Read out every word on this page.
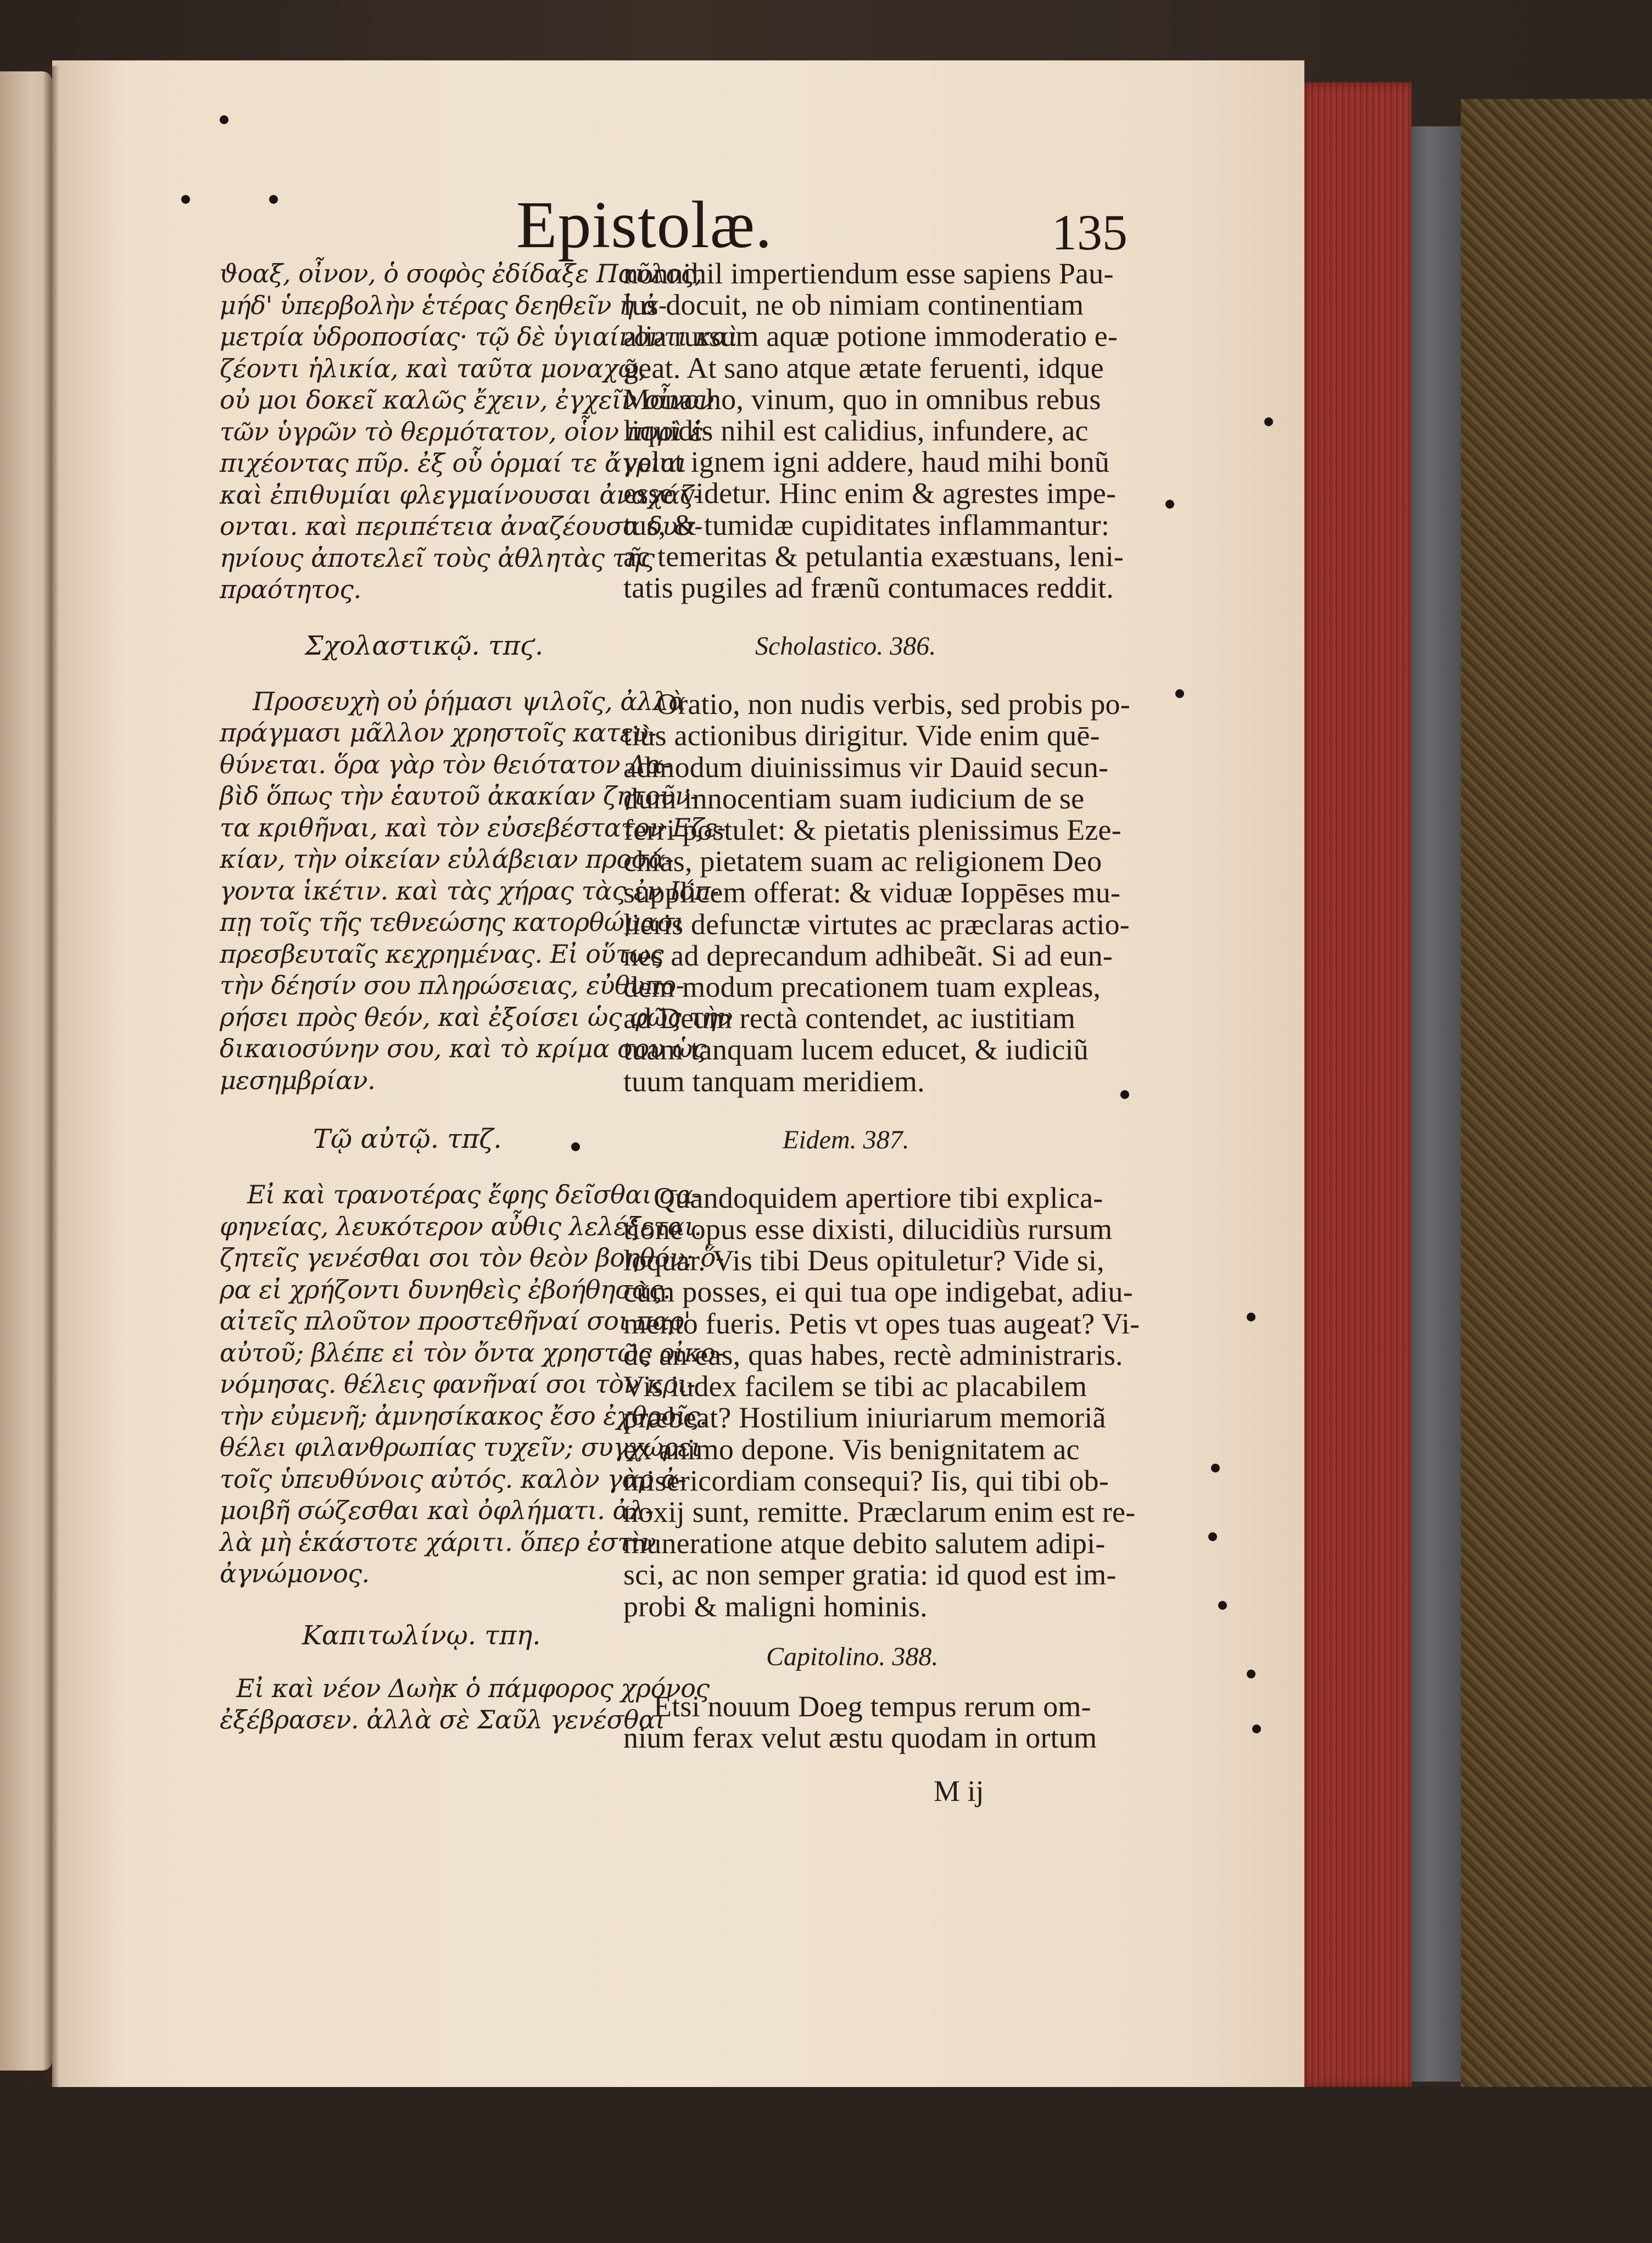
Epistolæ.	135
ϑοαξ, οἶνον, ὁ σοφὸς ἐδίδαξε Παῦλος,
μήδ' ὑπερβολὴν ἑτέρας δεηθεῖν ἡ ἀ-
μετρία ὑδροποσίας· τῷ δὲ ὑγιαίνοντι καὶ
ζέοντι ἡλικία, καὶ ταῦτα μοναχῷ,
οὐ μοι δοκεῖ καλῶς ἔχειν, ἐγχεῖν οἶνον
τῶν ὑγρῶν τὸ θερμότατον, οἷον πυρὶ ἐ-
πιχέοντας πῦρ. ἐξ οὗ ὁρμαί τε ἄγριαι
καὶ ἐπιθυμίαι φλεγμαίνουσαι ἀναχάζ-
ονται. καὶ περιπέτεια ἀναζέουσα δυσ-
ηνίους ἀποτελεῖ τοὺς ἀθλητὰς τῆς
πραότητος.
Σχολαστικῷ. τπϛ.
Προσευχὴ οὐ ῥήμασι ψιλοῖς, ἀλλὰ
πράγμασι μᾶλλον χρηστοῖς κατευ-
θύνεται. ὅρα γὰρ τὸν θειότατον Δα-
βὶδ ὅπως τὴν ἑαυτοῦ ἀκακίαν ζητοῦν-
τα κριθῆναι, καὶ τὸν εὐσεβέστατον Εζε-
κίαν, τὴν οἰκείαν εὐλάβειαν προσά-
γοντα ἱκέτιν. καὶ τὰς χήρας τὰς ἐν Ιόπ-
πῃ τοῖς τῆς τεθνεώσης κατορθώμασι
πρεσβευταῖς κεχρημένας. Εἰ οὕτως
τὴν δέησίν σου πληρώσειας, εὐθυπο-
ρήσει πρὸς θεόν, καὶ ἐξοίσει ὡς φῶς τὴν
δικαιοσύνην σου, καὶ τὸ κρίμα σου ὡς
μεσημβρίαν.
Τῷ αὐτῷ. τπζ.
Εἰ καὶ τρανοτέρας ἔφης δεῖσθαι σα-
φηνείας, λευκότερον αὖθις λελέξεται.
ζητεῖς γενέσθαι σοι τὸν θεὸν βοηθόν; ὅ-
ρα εἰ χρήζοντι δυνηθεὶς ἐβοήθησας.
αἰτεῖς πλοῦτον προστεθῆναί σοι παρ'
αὐτοῦ; βλέπε εἰ τὸν ὄντα χρηστῶς οἰκο-
νόμησας. θέλεις φανῆναί σοι τὸν κρι-
τὴν εὐμενῆ; ἀμνησίκακος ἔσο ἐχθροῖς.
θέλει φιλανθρωπίας τυχεῖν; συγχώρει
τοῖς ὑπευθύνοις αὐτός. καλὸν γὰρ ἀ-
μοιβῆ σώζεσθαι καὶ ὀφλήματι. ἀλ-
λὰ μὴ ἑκάστοτε χάριτι. ὅπερ ἐστὶν
ἀγνώμονος.
Καπιτωλίνῳ. τπη.
Εἰ καὶ νέον Δωὴκ ὁ πάμφορος χρόνος
ἐξέβρασεν. ἀλλὰ σὲ Σαῦλ γενέσθαι
nonnihil impertiendum esse sapiens Pau-
lus docuit, ne ob nimiam continentiam
alia rursum aquæ potione immoderatio e-
geat. At sano atque ætate feruenti, idque
Monacho, vinum, quo in omnibus rebus
liquidis nihil est calidius, infundere, ac
velut ignem igni addere, haud mihi bonũ
esse videtur. Hinc enim & agrestes impe-
tus, & tumidæ cupiditates inflammantur:
ac temeritas & petulantia exæstuans, leni-
tatis pugiles ad frænũ contumaces reddit.
Scholastico. 386.
Oratio, non nudis verbis, sed probis po-
tiùs actionibus dirigitur. Vide enim quē-
admodum diuinissimus vir Dauid secun-
dum innocentiam suam iudicium de se
ferri postulet: & pietatis plenissimus Eze-
chias, pietatem suam ac religionem Deo
supplicem offerat: & viduæ Ioppēses mu-
lieris defunctæ virtutes ac præclaras actio-
nes ad deprecandum adhibeãt. Si ad eun-
dem modum precationem tuam expleas,
ad Deum rectà contendet, ac iustitiam
tuam tanquam lucem educet, & iudiciũ
tuum tanquam meridiem.
Eidem. 387.
Quandoquidem apertiore tibi explica-
tione opus esse dixisti, dilucidiùs rursum
loquar. Vis tibi Deus opituletur? Vide si,
cùm posses, ei qui tua ope indigebat, adiu-
mento fueris. Petis vt opes tuas augeat? Vi-
de an eas, quas habes, rectè administraris.
Vis iudex facilem se tibi ac placabilem
præbeat? Hostilium iniuriarum memoriã
ex animo depone. Vis benignitatem ac
misericordiam consequi? Iis, qui tibi ob-
noxij sunt, remitte. Præclarum enim est re-
muneratione atque debito salutem adipi-
sci, ac non semper gratia: id quod est im-
probi & maligni hominis.
Capitolino. 388.
Etsi nouum Doeg tempus rerum om-
nium ferax velut æstu quodam in ortum
M ij
